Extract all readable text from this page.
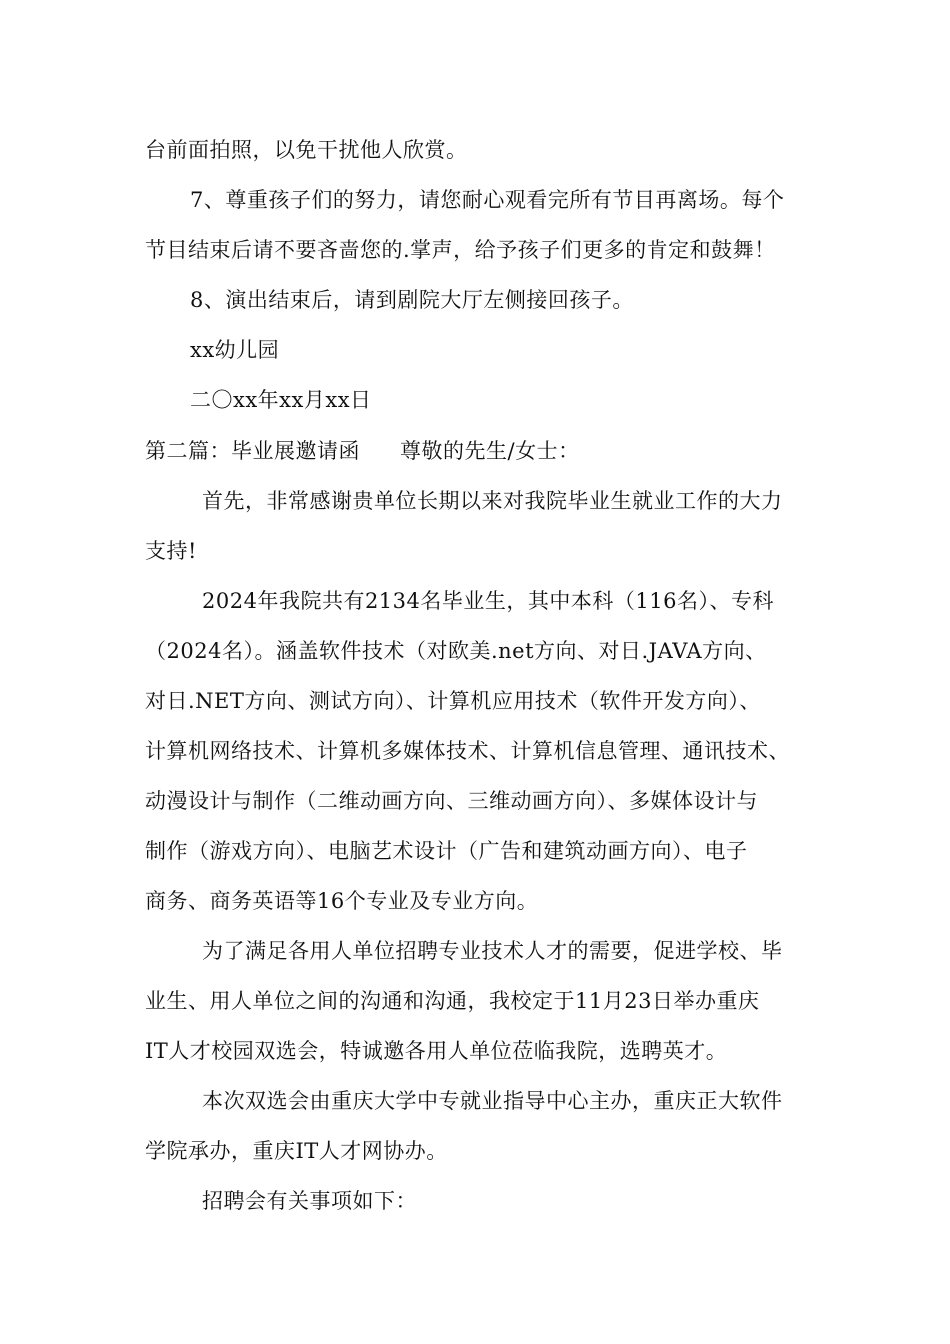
台前面拍照，以免干扰他人欣赏。
7、尊重孩子们的努力，请您耐心观看完所有节目再离场。每个
节目结束后请不要吝啬您的.掌声，给予孩子们更多的肯定和鼓舞！
8、演出结束后，请到剧院大厅左侧接回孩子。
xx幼儿园
二〇xx年xx月xx日
第二篇：毕业展邀请函 尊敬的先生/女士：
首先，非常感谢贵单位长期以来对我院毕业生就业工作的大力
支持!
2024年我院共有2134名毕业生，其中本科（116名）、专科
（2024名）。涵盖软件技术（对欧美.net方向、对日.JAVA方向、
对日.NET方向、测试方向）、计算机应用技术（软件开发方向）、
计算机网络技术、计算机多媒体技术、计算机信息管理、通讯技术、
动漫设计与制作（二维动画方向、三维动画方向）、多媒体设计与
制作（游戏方向）、电脑艺术设计（广告和建筑动画方向）、电子
商务、商务英语等16个专业及专业方向。
为了满足各用人单位招聘专业技术人才的需要，促进学校、毕
业生、用人单位之间的沟通和沟通，我校定于11月23日举办重庆
IT人才校园双选会，特诚邀各用人单位莅临我院，选聘英才。
本次双选会由重庆大学中专就业指导中心主办，重庆正大软件
学院承办，重庆IT人才网协办。
招聘会有关事项如下：
